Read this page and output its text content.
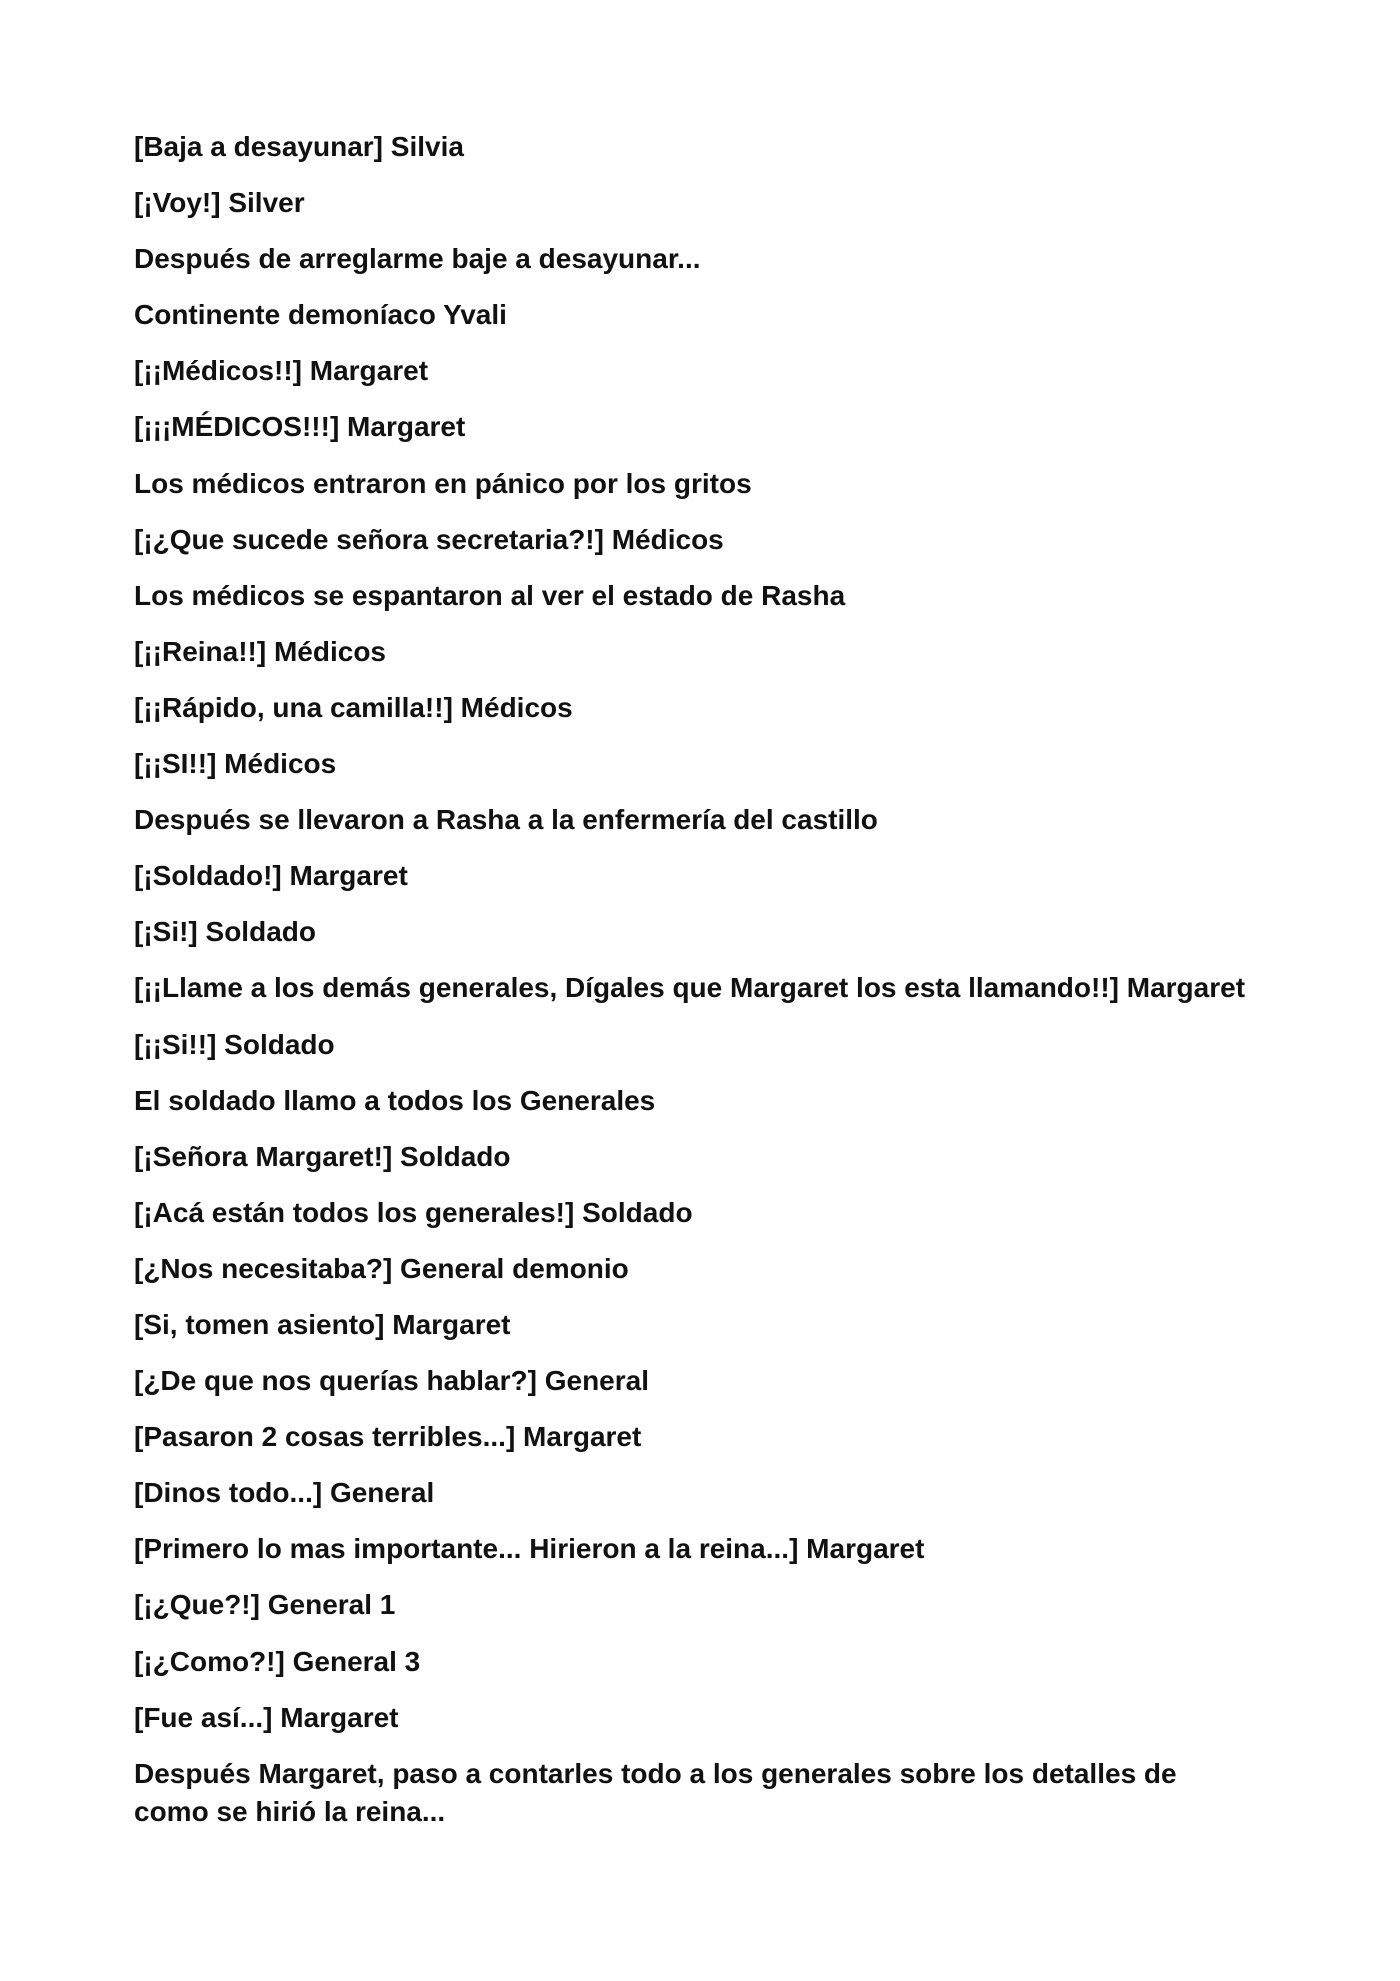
[Baja a desayunar] Silvia
[¡Voy!] Silver
Después de arreglarme baje a desayunar...
Continente demoníaco Yvali
[¡¡Médicos!!] Margaret
[¡¡¡MÉDICOS!!!] Margaret
Los médicos entraron en pánico por los gritos
[¡¿Que sucede señora secretaria?!] Médicos
Los médicos se espantaron al ver el estado de Rasha
[¡¡Reina!!] Médicos
[¡¡Rápido, una camilla!!] Médicos
[¡¡SI!!] Médicos
Después se llevaron a Rasha a la enfermería del castillo
[¡Soldado!] Margaret
[¡Si!] Soldado
[¡¡Llame a los demás generales, Dígales que Margaret los esta llamando!!] Margaret
[¡¡Si!!] Soldado
El soldado llamo a todos los Generales
[¡Señora Margaret!] Soldado
[¡Acá están todos los generales!] Soldado
[¿Nos necesitaba?] General demonio
[Si, tomen asiento] Margaret
[¿De que nos querías hablar?] General
[Pasaron 2 cosas terribles...] Margaret
[Dinos todo...] General
[Primero lo mas importante... Hirieron a la reina...] Margaret
[¡¿Que?!] General 1
[¡¿Como?!] General 3
[Fue así...] Margaret
Después Margaret, paso a contarles todo a los generales sobre los detalles de como se hirió la reina...
